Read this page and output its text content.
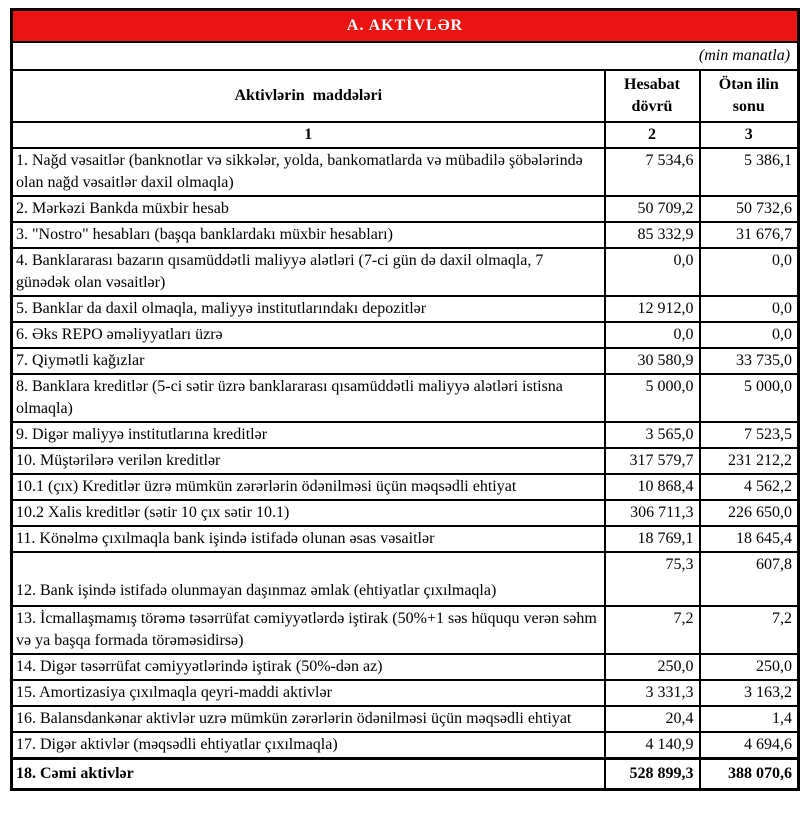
A. AKTİVLƏR		
(min manatla)		
Aktivlərin  maddələri	Hesabat dövrü	Ötən ilin sonu
1	2	3
1. Nağd vəsaitlər (banknotlar və sikkələr, yolda, bankomatlarda və mübadilə şöbələrində olan nağd vəsaitlər daxil olmaqla)	7 534,6	5 386,1
2. Mərkəzi Bankda müxbir hesab	50 709,2	50 732,6
3. "Nostro" hesabları (başqa banklardakı müxbir hesabları)	85 332,9	31 676,7
4. Banklararası bazarın qısamüddətli maliyyə alətləri (7-ci gün də daxil olmaqla, 7 günədək olan vəsaitlər)	0,0	0,0
5. Banklar da daxil olmaqla, maliyyə institutlarındakı depozitlər	12 912,0	0,0
6. Əks REPO əməliyyatları üzrə	0,0	0,0
7. Qiymətli kağızlar	30 580,9	33 735,0
8. Banklara kreditlər (5-ci sətir üzrə banklararası qısamüddətli maliyyə alətləri istisna olmaqla)	5 000,0	5 000,0
9. Digər maliyyə institutlarına kreditlər	3 565,0	7 523,5
10. Müştərilərə verilən kreditlər	317 579,7	231 212,2
10.1 (çıx) Kreditlər üzrə mümkün zərərlərin ödənilməsi üçün məqsədli ehtiyat	10 868,4	4 562,2
10.2 Xalis kreditlər (sətir 10 çıx sətir 10.1)	306 711,3	226 650,0
11. Könəlmə çıxılmaqla bank işində istifadə olunan əsas vəsaitlər	18 769,1	18 645,4
12. Bank işində istifadə olunmayan daşınmaz əmlak (ehtiyatlar çıxılmaqla)	75,3	607,8
13. İcmallaşmamış törəmə təsərrüfat cəmiyyətlərdə iştirak (50%+1 səs hüququ verən səhm və ya başqa formada törəməsidirsə)	7,2	7,2
14. Digər təsərrüfat cəmiyyətlərində iştirak (50%-dən az)	250,0	250,0
15. Amortizasiya çıxılmaqla qeyri-maddi aktivlər	3 331,3	3 163,2
16. Balansdankənar aktivlər uzrə mümkün zərərlərin ödənilməsi üçün məqsədli ehtiyat	20,4	1,4
17. Digər aktivlər (məqsədli ehtiyatlar çıxılmaqla)	4 140,9	4 694,6
18. Cəmi aktivlər	528 899,3	388 070,6
